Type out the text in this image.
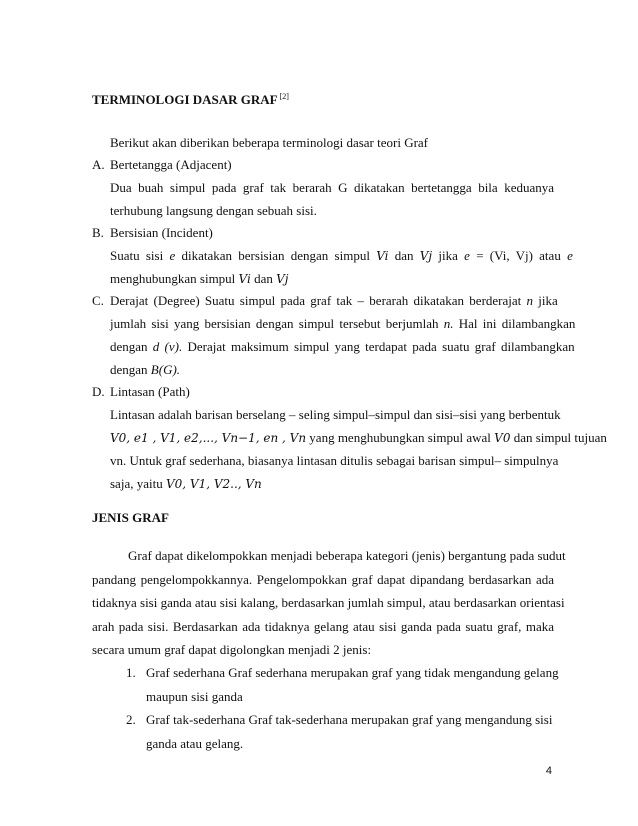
TERMINOLOGI DASAR GRAF [2]
Berikut akan diberikan beberapa terminologi dasar teori Graf
A. Bertetangga (Adjacent)
Dua buah simpul pada graf tak berarah G dikatakan bertetangga bila keduanya
terhubung langsung dengan sebuah sisi.
B. Bersisian (Incident)
Suatu sisi e dikatakan bersisian dengan simpul Vi dan Vj jika e = (Vi, Vj) atau e
menghubungkan simpul Vi dan Vj
C. Derajat (Degree) Suatu simpul pada graf tak – berarah dikatakan berderajat n jika
jumlah sisi yang bersisian dengan simpul tersebut berjumlah n. Hal ini dilambangkan
dengan d (v). Derajat maksimum simpul yang terdapat pada suatu graf dilambangkan
dengan B(G).
D. Lintasan (Path)
Lintasan adalah barisan berselang – seling simpul–simpul dan sisi–sisi yang berbentuk
V0, e1 , V1, e2,..., Vn−1, en , Vn yang menghubungkan simpul awal V0 dan simpul tujuan
vn. Untuk graf sederhana, biasanya lintasan ditulis sebagai barisan simpul– simpulnya
saja, yaitu V0, V1, V2.., Vn
JENIS GRAF
Graf dapat dikelompokkan menjadi beberapa kategori (jenis) bergantung pada sudut
pandang pengelompokkannya. Pengelompokkan graf dapat dipandang berdasarkan ada
tidaknya sisi ganda atau sisi kalang, berdasarkan jumlah simpul, atau berdasarkan orientasi
arah pada sisi. Berdasarkan ada tidaknya gelang atau sisi ganda pada suatu graf, maka
secara umum graf dapat digolongkan menjadi 2 jenis:
1. Graf sederhana Graf sederhana merupakan graf yang tidak mengandung gelang
maupun sisi ganda
2. Graf tak-sederhana Graf tak-sederhana merupakan graf yang mengandung sisi
ganda atau gelang.
4
